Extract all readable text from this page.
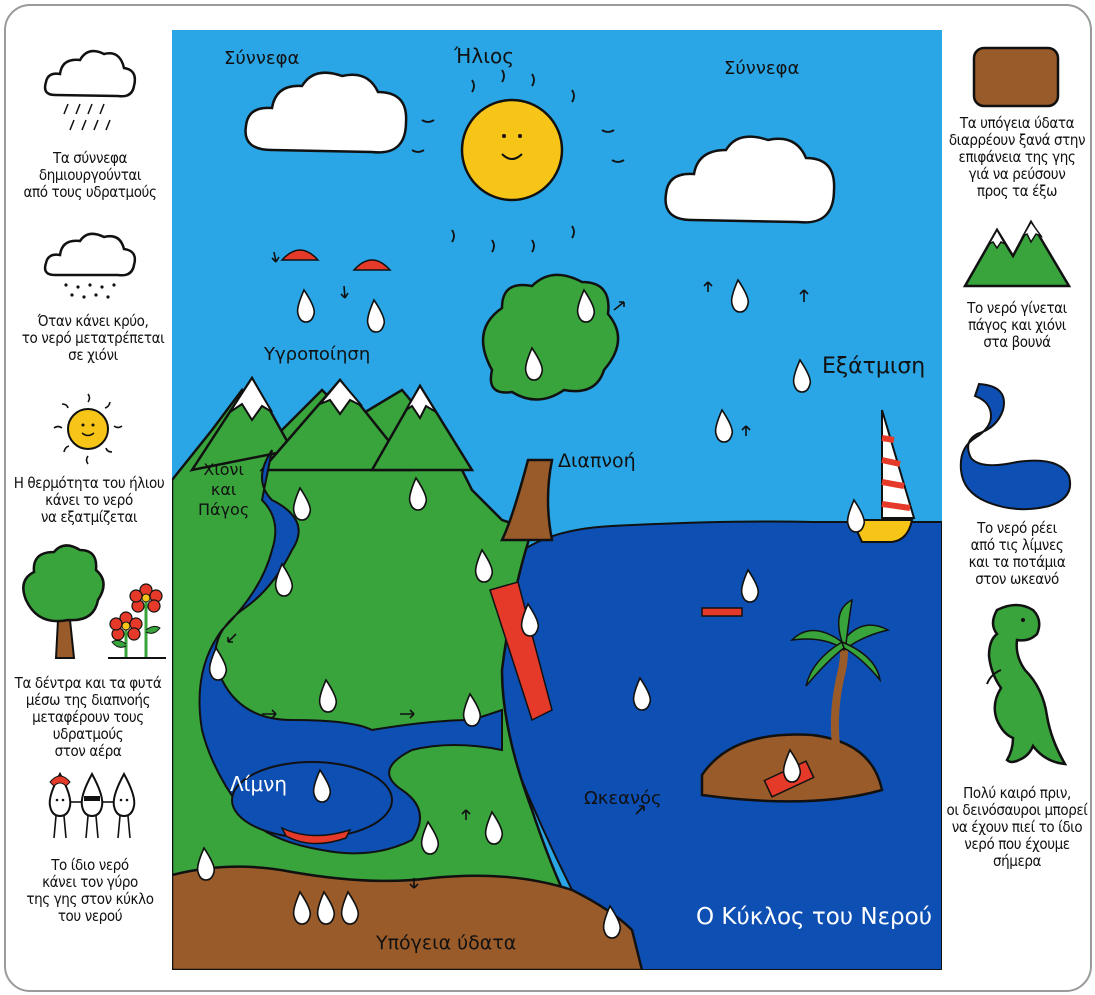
Τα σύννεφα
δημιουργούνται
από τους υδρατμούς
Όταν κάνει κρύο,
το νερό μετατρέπεται
σε χιόνι
Η θερμότητα του ήλιου
κάνει το νερό
να εξατμίζεται
Τα δέντρα και τα φυτά
μέσω της διαπνοής
μεταφέρουν τους υδρατμούς
στον αέρα
Το ίδιο νερό
κάνει τον γύρο
της γης στον κύκλο
του νερού
Σύννεφα	Ήλιος
Σύννεφα
Υγροποίηση	Εξάτμιση
Διαπνοή
Χιόνι
και
Πάγος
Λίμνη
Ωκεανός
Υπόγεια ύδατα
Ο Κύκλος του Νερού
Τα υπόγεια ύδατα
διαρρέουν ξανά στην
επιφάνεια της γης
γιά να ρεύσουν
προς τα έξω
Το νερό γίνεται
πάγος και χιόνι
στα βουνά
Το νερό ρέει
από τις λίμνες
και τα ποτάμια
στον ωκεανό
Πολύ καιρό πριν,
οι δεινόσαυροι μπορεί
να έχουν πιεί το ίδιο
νερό που έχουμε σήμερα
